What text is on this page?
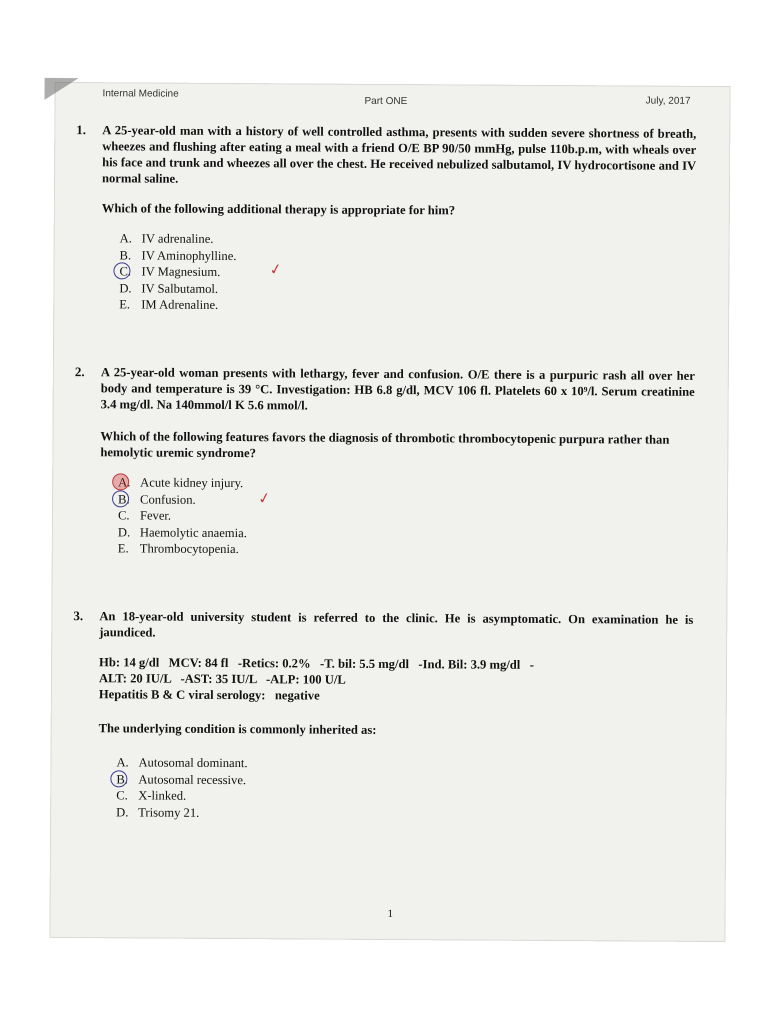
Internal Medicine
Part ONE	July, 2017
1. A 25-year-old man with a history of well controlled asthma, presents with sudden severe shortness of breath, wheezes and flushing after eating a meal with a friend O/E BP 90/50 mmHg, pulse 110b.p.m, with wheals over his face and trunk and wheezes all over the chest. He received nebulized salbutamol, IV hydrocortisone and IV normal saline.
Which of the following additional therapy is appropriate for him?
A. IV adrenaline.
B. IV Aminophylline.
C. IV Magnesium.	✓
D. IV Salbutamol.
E. IM Adrenaline.
2. A 25-year-old woman presents with lethargy, fever and confusion. O/E there is a purpuric rash all over her body and temperature is 39 °C. Investigation: HB 6.8 g/dl, MCV 106 fl. Platelets 60 x 10⁹/l. Serum creatinine 3.4 mg/dl. Na 140mmol/l K 5.6 mmol/l.
Which of the following features favors the diagnosis of thrombotic thrombocytopenic purpura rather than hemolytic uremic syndrome?
A. Acute kidney injury.
B. Confusion.	✓
C. Fever.
D. Haemolytic anaemia.
E. Thrombocytopenia.
3. An 18-year-old university student is referred to the clinic. He is asymptomatic. On examination he is jaundiced.
Hb: 14 g/dl   MCV: 84 fl   -Retics: 0.2%   -T. bil: 5.5 mg/dl   -Ind. Bil: 3.9 mg/dl   -
ALT: 20 IU/L   -AST: 35 IU/L   -ALP: 100 U/L
Hepatitis B & C viral serology:   negative
The underlying condition is commonly inherited as:
A. Autosomal dominant.
B. Autosomal recessive.
C. X-linked.
D. Trisomy 21.
1
